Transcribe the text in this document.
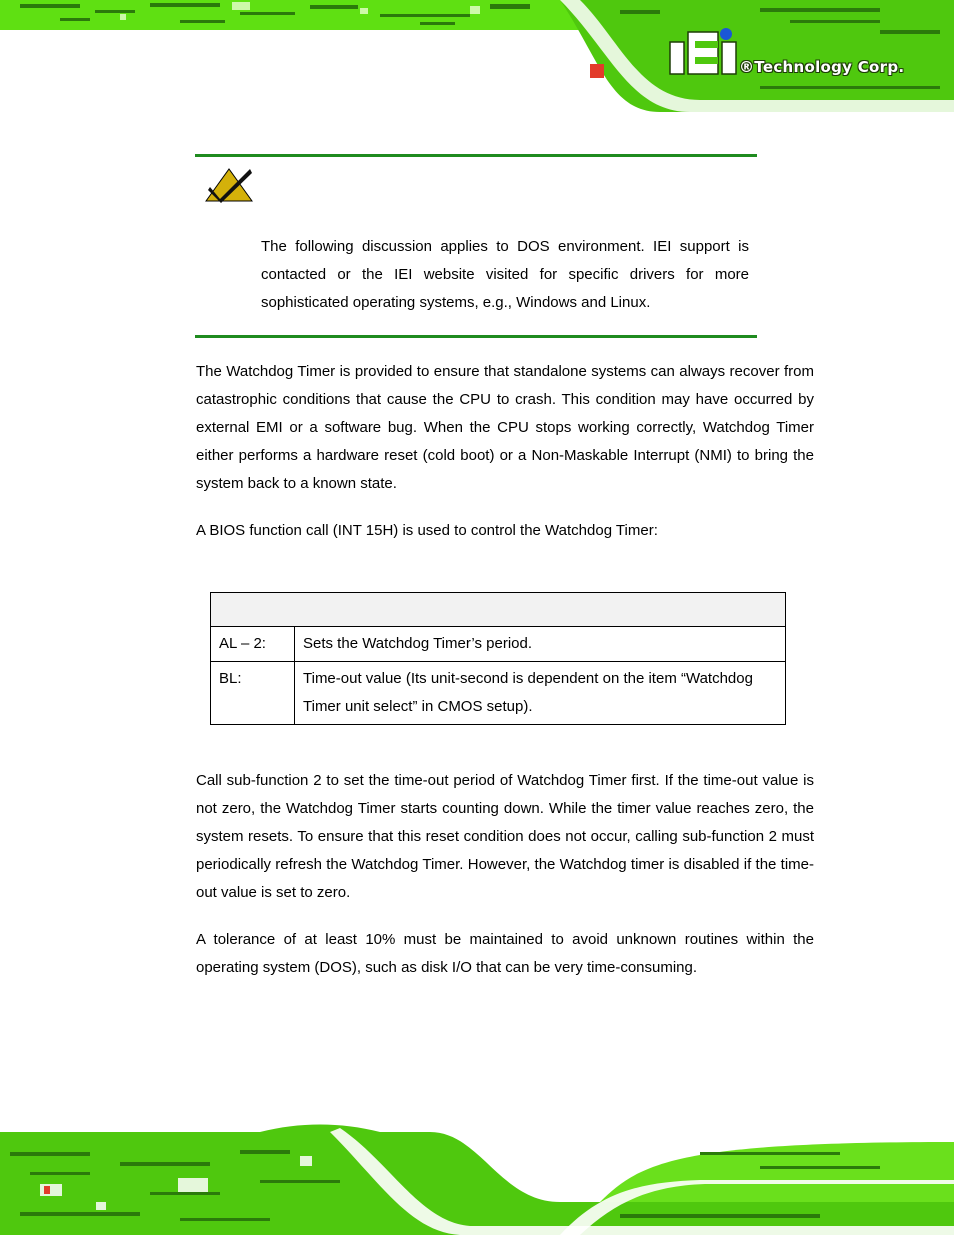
®Technology Corp.
The following discussion applies to DOS environment. IEI support is contacted or the IEI website visited for specific drivers for more sophisticated operating systems, e.g., Windows and Linux.

The Watchdog Timer is provided to ensure that standalone systems can always recover from catastrophic conditions that cause the CPU to crash. This condition may have occurred by external EMI or a software bug. When the CPU stops working correctly, Watchdog Timer either performs a hardware reset (cold boot) or a Non-Maskable Interrupt (NMI) to bring the system back to a known state.

A BIOS function call (INT 15H) is used to control the Watchdog Timer:

AL – 2:	Sets the Watchdog Timer’s period.
BL:	Time-out value (Its unit-second is dependent on the item “Watchdog Timer unit select” in CMOS setup).

Call sub-function 2 to set the time-out period of Watchdog Timer first. If the time-out value is not zero, the Watchdog Timer starts counting down. While the timer value reaches zero, the system resets. To ensure that this reset condition does not occur, calling sub-function 2 must periodically refresh the Watchdog Timer. However, the Watchdog timer is disabled if the time-out value is set to zero.

A tolerance of at least 10% must be maintained to avoid unknown routines within the operating system (DOS), such as disk I/O that can be very time-consuming.
